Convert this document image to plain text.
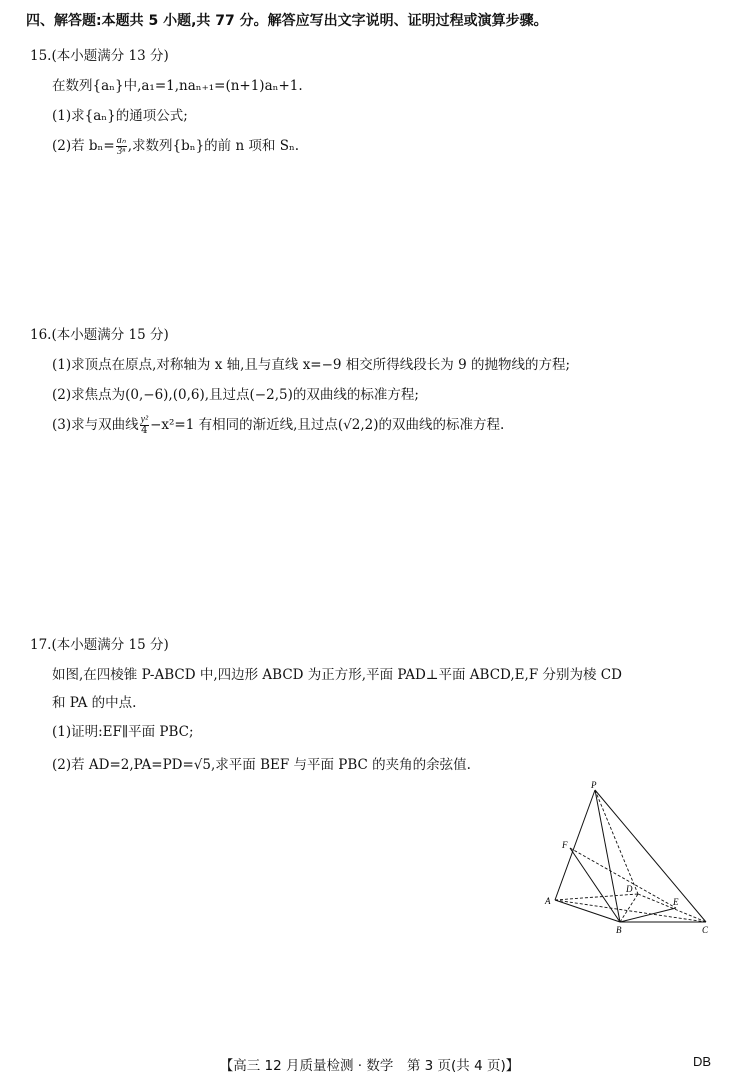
四、解答题:本题共 5 小题,共 77 分。解答应写出文字说明、证明过程或演算步骤。
15.(本小题满分 13 分)
在数列{aₙ}中,a₁=1,naₙ₊₁=(n+1)aₙ+1.
(1)求{aₙ}的通项公式;
(2)若 $b_n= \frac{\text{aₙ}}{\text{3ⁿ}}$ ,求数列{bₙ}的前 n 项和 Sₙ.
16.(本小题满分 15 分)
(1)求顶点在原点,对称轴为 x 轴,且与直线 x=−9 相交所得线段长为 9 的抛物线的方程;
(2)求焦点为(0,−6),(0,6),且过点(−2,5)的双曲线的标准方程;
(3)求与双曲线 $\frac{\text{y²}}{4} -x^2=1$ 有相同的渐近线,且过点(√2,2)的双曲线的标准方程.
17.(本小题满分 15 分)
如图,在四棱锥 P-ABCD 中,四边形 ABCD 为正方形,平面 PAD⊥平面 ABCD,E,F 分别为棱 CD
和 PA 的中点.
(1)证明:EF∥平面 PBC;
(2)若 AD=2,PA=PD=√5,求平面 BEF 与平面 PBC 的夹角的余弦值.
P
F
A
D
E
B	C
【高三 12 月质量检测 · 数学　第 3 页(共 4 页)】	DB
